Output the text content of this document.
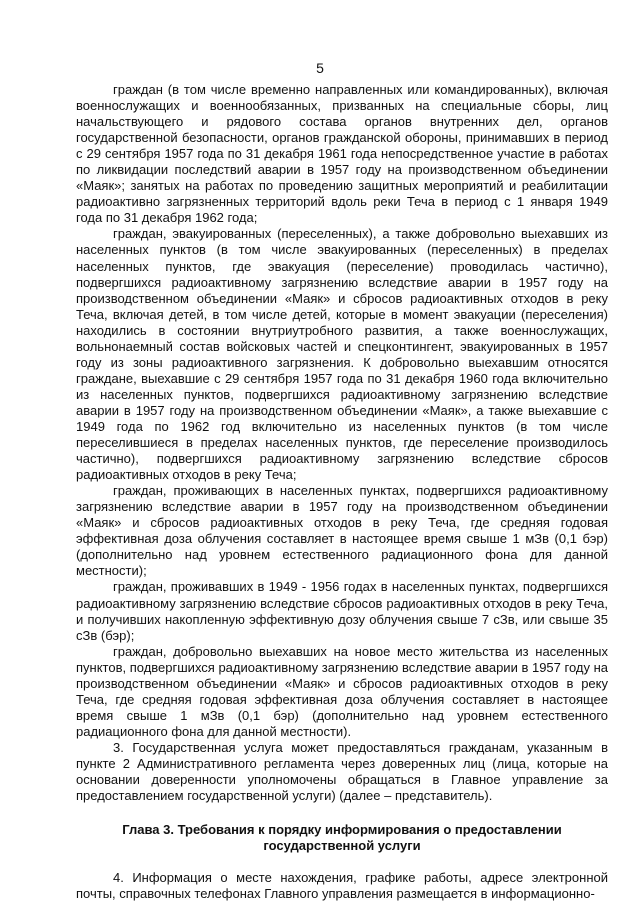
5

граждан (в том числе временно направленных или командированных), включая военнослужащих и военнообязанных, призванных на специальные сборы, лиц начальствующего и рядового состава органов внутренних дел, органов государственной безопасности, органов гражданской обороны, принимавших в период с 29 сентября 1957 года по 31 декабря 1961 года непосредственное участие в работах по ликвидации последствий аварии в 1957 году на производственном объединении «Маяк»; занятых на работах по проведению защитных мероприятий и реабилитации радиоактивно загрязненных территорий вдоль реки Теча в период с 1 января 1949 года по 31 декабря 1962 года;

граждан, эвакуированных (переселенных), а также добровольно выехавших из населенных пунктов (в том числе эвакуированных (переселенных) в пределах населенных пунктов, где эвакуация (переселение) проводилась частично), подвергшихся радиоактивному загрязнению вследствие аварии в 1957 году на производственном объединении «Маяк» и сбросов радиоактивных отходов в реку Теча, включая детей, в том числе детей, которые в момент эвакуации (переселения) находились в состоянии внутриутробного развития, а также военнослужащих, вольнонаемный состав войсковых частей и спецконтингент, эвакуированных в 1957 году из зоны радиоактивного загрязнения. К добровольно выехавшим относятся граждане, выехавшие с 29 сентября 1957 года по 31 декабря 1960 года включительно из населенных пунктов, подвергшихся радиоактивному загрязнению вследствие аварии в 1957 году на производственном объединении «Маяк», а также выехавшие с 1949 года по 1962 год включительно из населенных пунктов (в том числе переселившиеся в пределах населенных пунктов, где переселение производилось частично), подвергшихся радиоактивному загрязнению вследствие сбросов радиоактивных отходов в реку Теча;

граждан, проживающих в населенных пунктах, подвергшихся радиоактивному загрязнению вследствие аварии в 1957 году на производственном объединении «Маяк» и сбросов радиоактивных отходов в реку Теча, где средняя годовая эффективная доза облучения составляет в настоящее время свыше 1 мЗв (0,1 бэр) (дополнительно над уровнем естественного радиационного фона для данной местности);

граждан, проживавших в 1949 - 1956 годах в населенных пунктах, подвергшихся радиоактивному загрязнению вследствие сбросов радиоактивных отходов в реку Теча, и получивших накопленную эффективную дозу облучения свыше 7 сЗв, или свыше 35 сЗв (бэр);

граждан, добровольно выехавших на новое место жительства из населенных пунктов, подвергшихся радиоактивному загрязнению вследствие аварии в 1957 году на производственном объединении «Маяк» и сбросов радиоактивных отходов в реку Теча, где средняя годовая эффективная доза облучения составляет в настоящее время свыше 1 мЗв (0,1 бэр) (дополнительно над уровнем естественного радиационного фона для данной местности).

3. Государственная услуга может предоставляться гражданам, указанным в пункте 2 Административного регламента через доверенных лиц (лица, которые на основании доверенности уполномочены обращаться в Главное управление за предоставлением государственной услуги) (далее – представитель).

Глава 3. Требования к порядку информирования о предоставлении государственной услуги

4. Информация о месте нахождения, графике работы, адресе электронной почты, справочных телефонах Главного управления размещается в информационно-
